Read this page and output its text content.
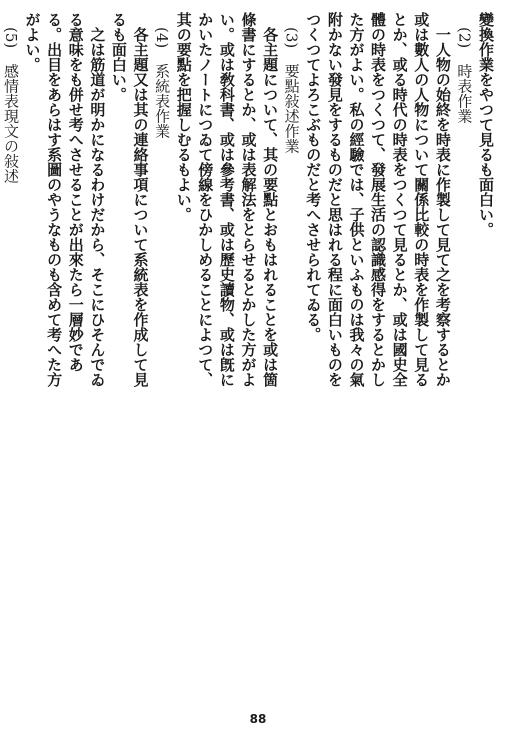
變換作業をやつて見るも面白い。
　(2)　時表作業
　一人物の始終を時表に作製して見て之を考察するとか
或は數人の人物について關係比較の時表を作製して見る
とか、或る時代の時表をつくつて見るとか、或は國史全
體の時表をつくつて、發展生活の認識感得をするとかし
た方がよい。私の經驗では、子供といふものは我々の氣
附かない發見をするものだと思はれる程に面白いものを
つくつてよろこぶものだと考へさせられてゐる。
　(3)　要點敍述作業
　各主題について、其の要點とおもはれることを或は箇
條書にするとか、或は表解法をとらせるとかした方がよ
い。或は敎科書、或は參考書、或は歷史讀物、或は旣に
かいたノートにつゐて傍線をひかしめることによつて、
其の要點を把握しむるもよい。
　(4)　系統表作業
　各主題又は其の連絡事項について系統表を作成して見
るも面白い。
　之は筋道が明かになるわけだから、そこにひそんでゐ
る意味をも併せ考へさせることが出來たら一層妙であ
る。出目をあらはす系圖のやうなものも含めて考へた方
がよい。
　(5)　感情表現文の敍述
88
